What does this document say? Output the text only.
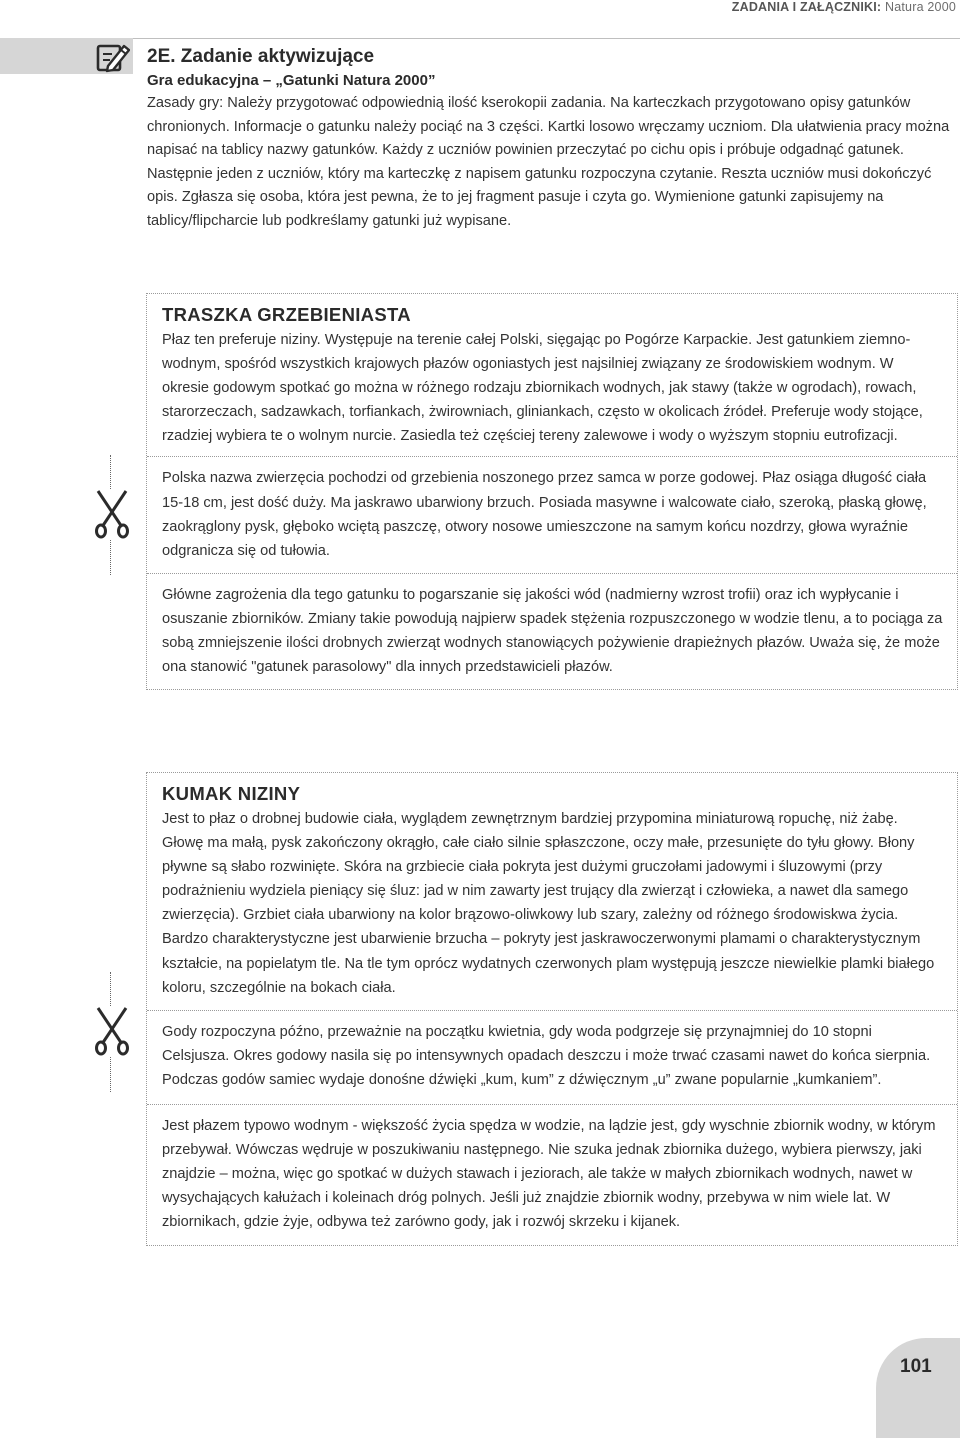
ZADANIA I ZAŁĄCZNIKI: Natura 2000

2E. Zadanie aktywizujące

Gra edukacyjna – „Gatunki Natura 2000”

Zasady gry: Należy przygotować odpowiednią ilość kserokopii zadania. Na karteczkach przygotowano opisy gatunków chronionych. Informacje o gatunku należy pociąć na 3 części. Kartki losowo wręczamy uczniom. Dla ułatwienia pracy można napisać na tablicy nazwy gatunków. Każdy z uczniów powinien przeczytać po cichu opis i próbuje odgadnąć gatunek. Następnie jeden z uczniów, który ma karteczkę z napisem gatunku rozpoczyna czytanie. Reszta uczniów musi dokończyć opis. Zgłasza się osoba, która jest pewna, że to jej fragment pasuje i czyta go. Wymienione gatunki zapisujemy na tablicy/flipcharcie lub podkreślamy gatunki już wypisane.

TRASZKA GRZEBIENIASTA

Płaz ten preferuje niziny. Występuje na terenie całej Polski, sięgając po Pogórze Karpackie. Jest gatunkiem ziemno-wodnym, spośród wszystkich krajowych płazów ogoniastych jest najsilniej związany ze środowiskiem wodnym. W okresie godowym spotkać go można w różnego rodzaju zbiornikach wodnych, jak stawy (także w ogrodach), rowach, starorzeczach, sadzawkach, torfiankach, żwirowniach, gliniankach, często w okolicach źródeł. Preferuje wody stojące, rzadziej wybiera te o wolnym nurcie. Zasiedla też częściej tereny zalewowe i wody o wyższym stopniu eutrofizacji.

Polska nazwa zwierzęcia pochodzi od grzebienia noszonego przez samca w porze godowej. Płaz osiąga długość ciała 15-18 cm, jest dość duży. Ma jaskrawo ubarwiony brzuch. Posiada masywne i walcowate ciało, szeroką, płaską głowę, zaokrąglony pysk, głęboko wciętą paszczę, otwory nosowe umieszczone na samym końcu nozdrzy, głowa wyraźnie odgranicza się od tułowia.

Główne zagrożenia dla tego gatunku to pogarszanie się jakości wód (nadmierny wzrost trofii) oraz ich wypłycanie i osuszanie zbiorników. Zmiany takie powodują najpierw spadek stężenia rozpuszczonego w wodzie tlenu, a to pociąga za sobą zmniejszenie ilości drobnych zwierząt wodnych stanowiących pożywienie drapieżnych płazów. Uważa się, że może ona stanowić "gatunek parasolowy" dla innych przedstawicieli płazów.

KUMAK NIZINY

Jest to płaz o drobnej budowie ciała, wyglądem zewnętrznym bardziej przypomina miniaturową ropuchę, niż żabę. Głowę ma małą, pysk zakończony okrągło, całe ciało silnie spłaszczone, oczy małe, przesunięte do tyłu głowy. Błony pływne są słabo rozwinięte. Skóra na grzbiecie ciała pokryta jest dużymi gruczołami jadowymi i śluzowymi (przy podrażnieniu wydziela pieniący się śluz: jad w nim zawarty jest trujący dla zwierząt i człowieka, a nawet dla samego zwierzęcia). Grzbiet ciała ubarwiony na kolor brązowo-oliwkowy lub szary, zależny od różnego środowiskwa życia. Bardzo charakterystyczne jest ubarwienie brzucha – pokryty jest jaskrawoczerwonymi plamami o charakterystycznym kształcie, na popielatym tle. Na tle tym oprócz wydatnych czerwonych plam występują jeszcze niewielkie plamki białego koloru, szczególnie na bokach ciała.

Gody rozpoczyna późno, przeważnie na początku kwietnia, gdy woda podgrzeje się przynajmniej do 10 stopni Celsjusza. Okres godowy nasila się po intensywnych opadach deszczu i może trwać czasami nawet do końca sierpnia. Podczas godów samiec wydaje donośne dźwięki „kum, kum” z dźwięcznym „u” zwane popularnie „kumkaniem”.

Jest płazem typowo wodnym - większość życia spędza w wodzie, na lądzie jest, gdy wyschnie zbiornik wodny, w którym przebywał. Wówczas wędruje w poszukiwaniu następnego. Nie szuka jednak zbiornika dużego, wybiera pierwszy, jaki znajdzie – można, więc go spotkać w dużych stawach i jeziorach, ale także w małych zbiornikach wodnych, nawet w wysychających kałużach i koleinach dróg polnych. Jeśli już znajdzie zbiornik wodny, przebywa w nim wiele lat. W zbiornikach, gdzie żyje, odbywa też zarówno gody, jak i rozwój skrzeku i kijanek.

101
